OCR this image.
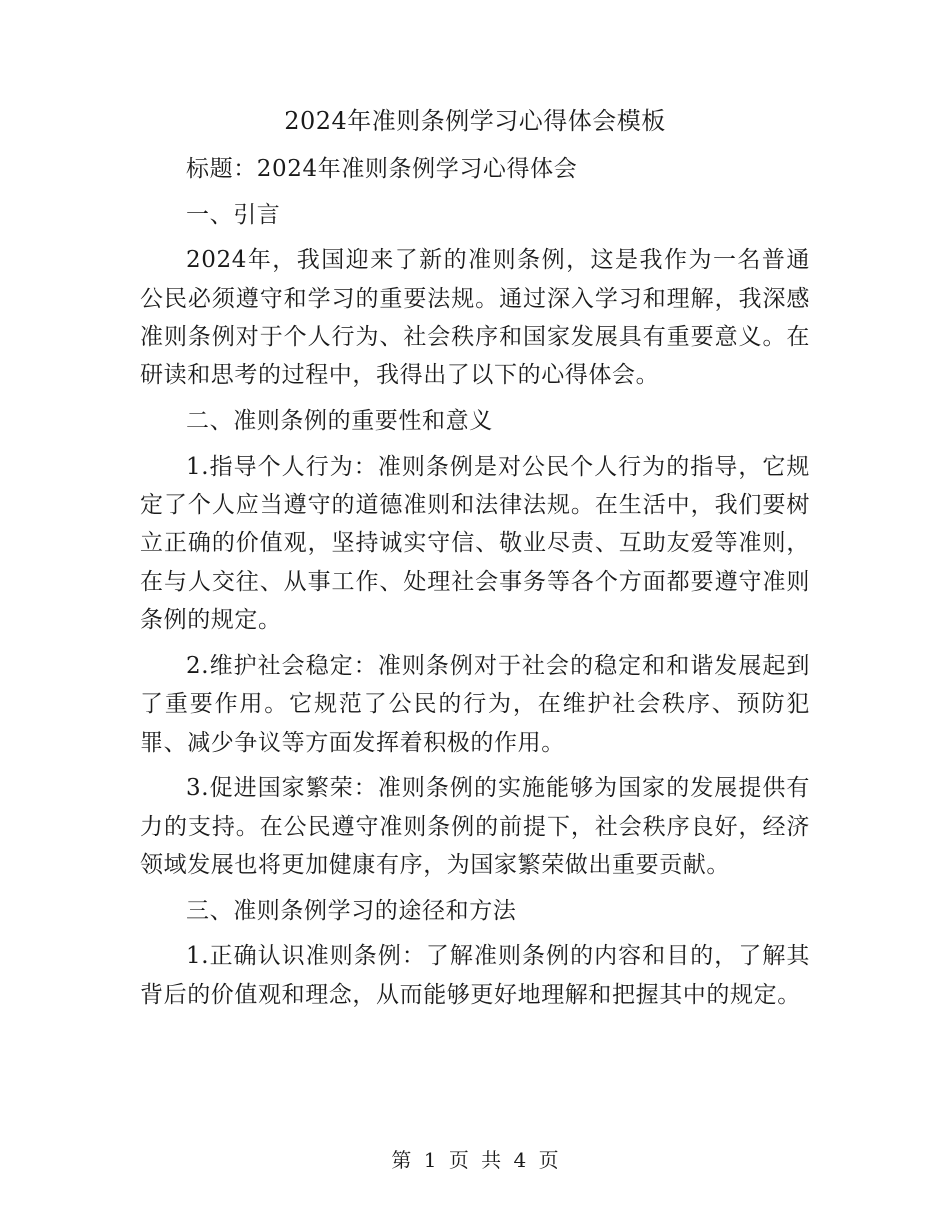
2024年准则条例学习心得体会模板

标题：2024年准则条例学习心得体会

一、引言

2024年，我国迎来了新的准则条例，这是我作为一名普通公民必须遵守和学习的重要法规。通过深入学习和理解，我深感准则条例对于个人行为、社会秩序和国家发展具有重要意义。在研读和思考的过程中，我得出了以下的心得体会。

二、准则条例的重要性和意义

1.指导个人行为：准则条例是对公民个人行为的指导，它规定了个人应当遵守的道德准则和法律法规。在生活中，我们要树立正确的价值观，坚持诚实守信、敬业尽责、互助友爱等准则，在与人交往、从事工作、处理社会事务等各个方面都要遵守准则条例的规定。

2.维护社会稳定：准则条例对于社会的稳定和和谐发展起到了重要作用。它规范了公民的行为，在维护社会秩序、预防犯罪、减少争议等方面发挥着积极的作用。

3.促进国家繁荣：准则条例的实施能够为国家的发展提供有力的支持。在公民遵守准则条例的前提下，社会秩序良好，经济领域发展也将更加健康有序，为国家繁荣做出重要贡献。

三、准则条例学习的途径和方法

1.正确认识准则条例：了解准则条例的内容和目的，了解其背后的价值观和理念，从而能够更好地理解和把握其中的规定。

第 1 页 共 4 页
